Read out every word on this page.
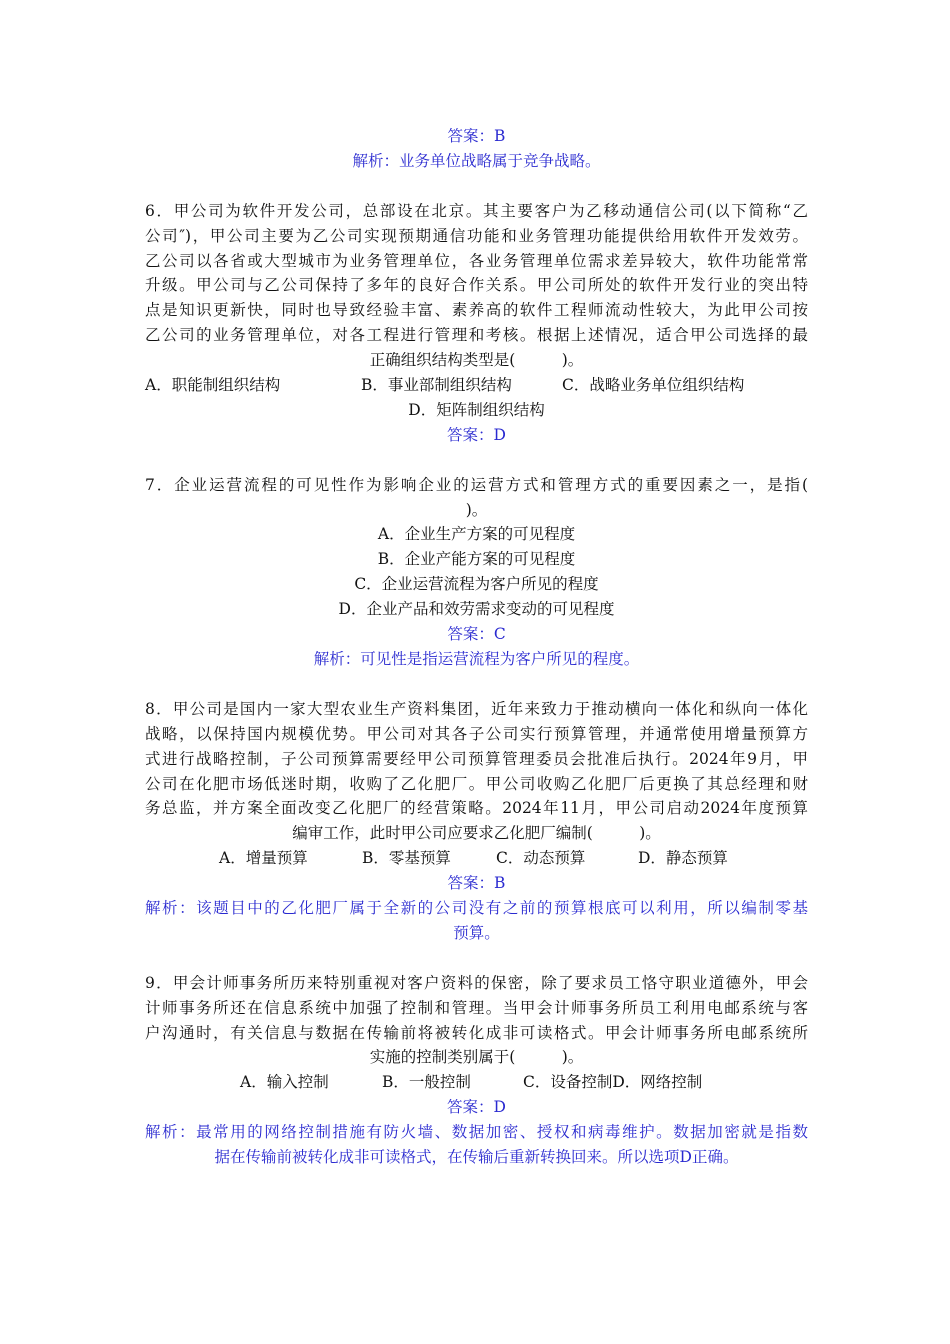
答案：B
解析：业务单位战略属于竞争战略。
6．甲公司为软件开发公司，总部设在北京。其主要客户为乙移动通信公司(以下简称“乙
公司″)，甲公司主要为乙公司实现预期通信功能和业务管理功能提供给用软件开发效劳。
乙公司以各省或大型城市为业务管理单位，各业务管理单位需求差异较大，软件功能常常
升级。甲公司与乙公司保持了多年的良好合作关系。甲公司所处的软件开发行业的突出特
点是知识更新快，同时也导致经验丰富、素养高的软件工程师流动性较大，为此甲公司按
乙公司的业务管理单位，对各工程进行管理和考核。根据上述情况，适合甲公司选择的最
正确组织结构类型是(　　　)。
A．职能制组织结构	B．事业部制组织结构	C．战略业务单位组织结构
D．矩阵制组织结构
答案：D
7．企业运营流程的可见性作为影响企业的运营方式和管理方式的重要因素之一，是指(
)。
A．企业生产方案的可见程度
B．企业产能方案的可见程度
C．企业运营流程为客户所见的程度
D．企业产品和效劳需求变动的可见程度
答案：C
解析：可见性是指运营流程为客户所见的程度。
8．甲公司是国内一家大型农业生产资料集团，近年来致力于推动横向一体化和纵向一体化
战略，以保持国内规模优势。甲公司对其各子公司实行预算管理，并通常使用增量预算方
式进行战略控制，子公司预算需要经甲公司预算管理委员会批准后执行。2024年9月，甲
公司在化肥市场低迷时期，收购了乙化肥厂。甲公司收购乙化肥厂后更换了其总经理和财
务总监，并方案全面改变乙化肥厂的经营策略。2024年11月，甲公司启动2024年度预算
编审工作，此时甲公司应要求乙化肥厂编制(　　　)。
A．增量预算	B．零基预算	C．动态预算	D．静态预算
答案：B
解析：该题目中的乙化肥厂属于全新的公司没有之前的预算根底可以利用，所以编制零基
预算。
9．甲会计师事务所历来特别重视对客户资料的保密，除了要求员工恪守职业道德外，甲会
计师事务所还在信息系统中加强了控制和管理。当甲会计师事务所员工利用电邮系统与客
户沟通时，有关信息与数据在传输前将被转化成非可读格式。甲会计师事务所电邮系统所
实施的控制类别属于(　　　)。
A．输入控制	B．一般控制	C．设备控制D．网络控制
答案：D
解析：最常用的网络控制措施有防火墙、数据加密、授权和病毒维护。数据加密就是指数
据在传输前被转化成非可读格式，在传输后重新转换回来。所以选项D正确。
